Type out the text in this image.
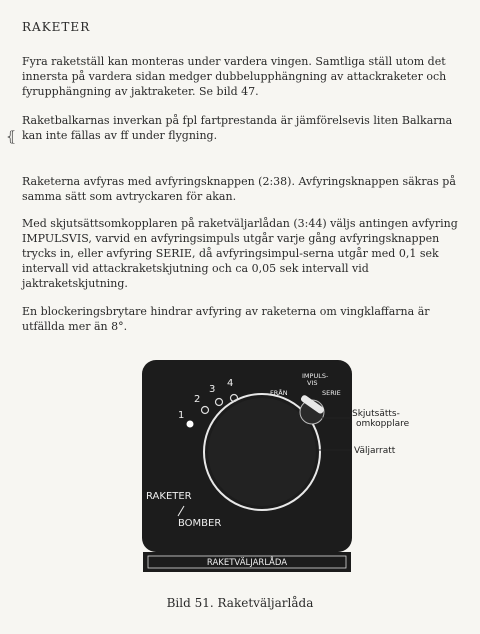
RAKETER

Fyra raketställ kan monteras under vardera vingen. Samtliga ställ utom det innersta på vardera sidan medger dubbelupphängning av attackraketer och fyrupphängning av jaktraketer. Se bild 47.

⦃

Raketbalkarnas inverkan på fpl fartprestanda är jämförelsevis liten Balkarna kan inte fällas av ff under flygning.

Raketerna avfyras med avfyringsknappen (2:38). Avfyringsknappen säkras på samma sätt som avtryckaren för akan.

Med skjutsättsomkopplaren på raketväljarlådan (3:44) väljs antingen avfyring IMPULSVIS, varvid en avfyringsimpuls utgår varje gång avfyringsknappen trycks in, eller avfyring SERIE, då avfyringsimpul-serna utgår med 0,1 sek intervall vid attackraketskjutning och ca 0,05 sek intervall vid jaktraketskjutning.

En blockeringsbrytare hindrar avfyring av raketerna om vingklaffarna är utfällda mer än 8°.

1
2
3
4
IMPULS-
VIS
FRÅN	SERIE
RAKETER
BOMBER
RAKETVÄLJARLÅDA
Skjutsätts-
omkopplare
Väljarratt
Bild 51. Raketväljarlåda
